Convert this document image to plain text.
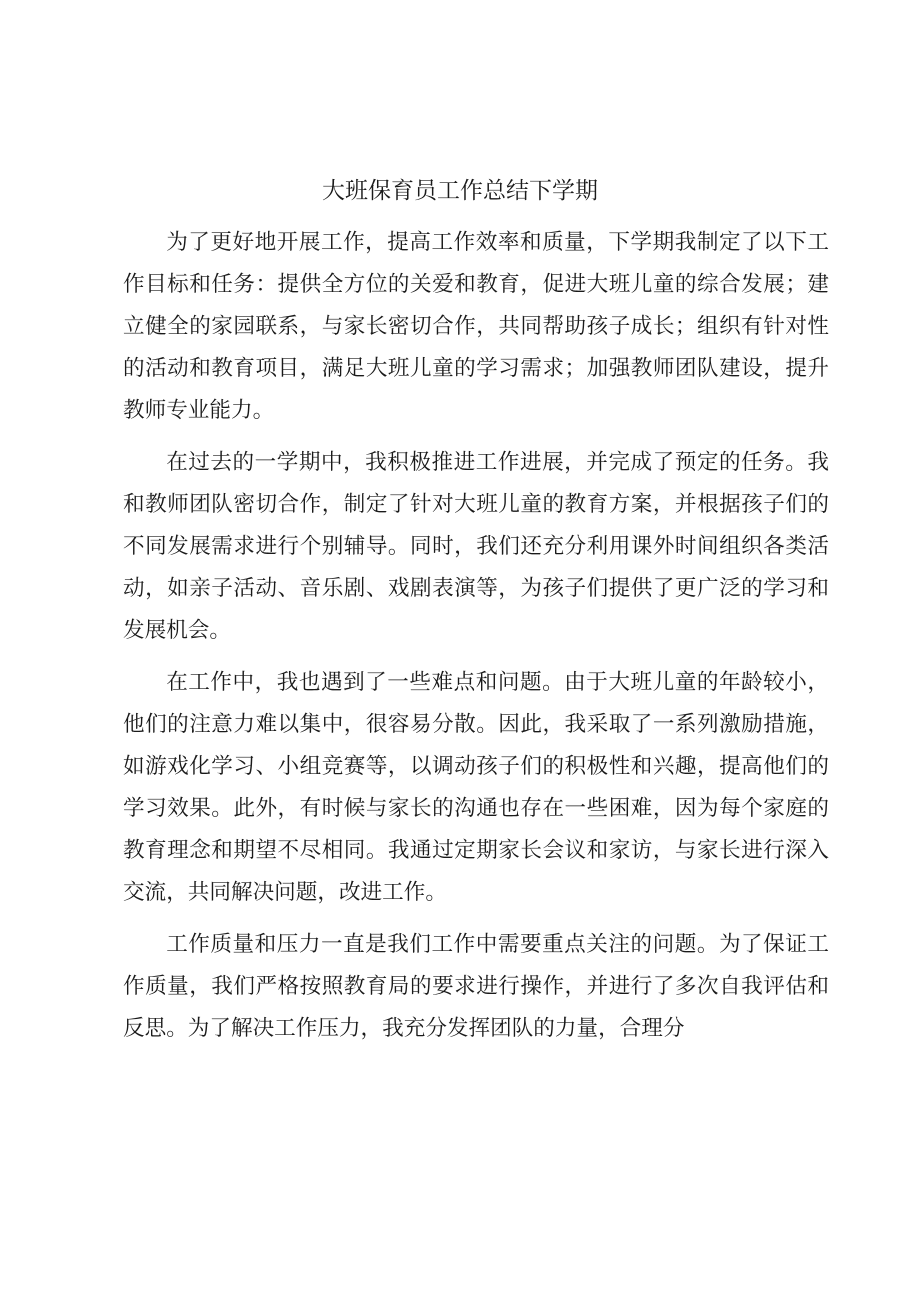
大班保育员工作总结下学期

为了更好地开展工作，提高工作效率和质量，下学期我制定了以下工作目标和任务：提供全方位的关爱和教育，促进大班儿童的综合发展；建立健全的家园联系，与家长密切合作，共同帮助孩子成长；组织有针对性的活动和教育项目，满足大班儿童的学习需求；加强教师团队建设，提升教师专业能力。

在过去的一学期中，我积极推进工作进展，并完成了预定的任务。我和教师团队密切合作，制定了针对大班儿童的教育方案，并根据孩子们的不同发展需求进行个别辅导。同时，我们还充分利用课外时间组织各类活动，如亲子活动、音乐剧、戏剧表演等，为孩子们提供了更广泛的学习和发展机会。

在工作中，我也遇到了一些难点和问题。由于大班儿童的年龄较小，他们的注意力难以集中，很容易分散。因此，我采取了一系列激励措施，如游戏化学习、小组竞赛等，以调动孩子们的积极性和兴趣，提高他们的学习效果。此外，有时候与家长的沟通也存在一些困难，因为每个家庭的教育理念和期望不尽相同。我通过定期家长会议和家访，与家长进行深入交流，共同解决问题，改进工作。

工作质量和压力一直是我们工作中需要重点关注的问题。为了保证工作质量，我们严格按照教育局的要求进行操作，并进行了多次自我评估和反思。为了解决工作压力，我充分发挥团队的力量，合理分
